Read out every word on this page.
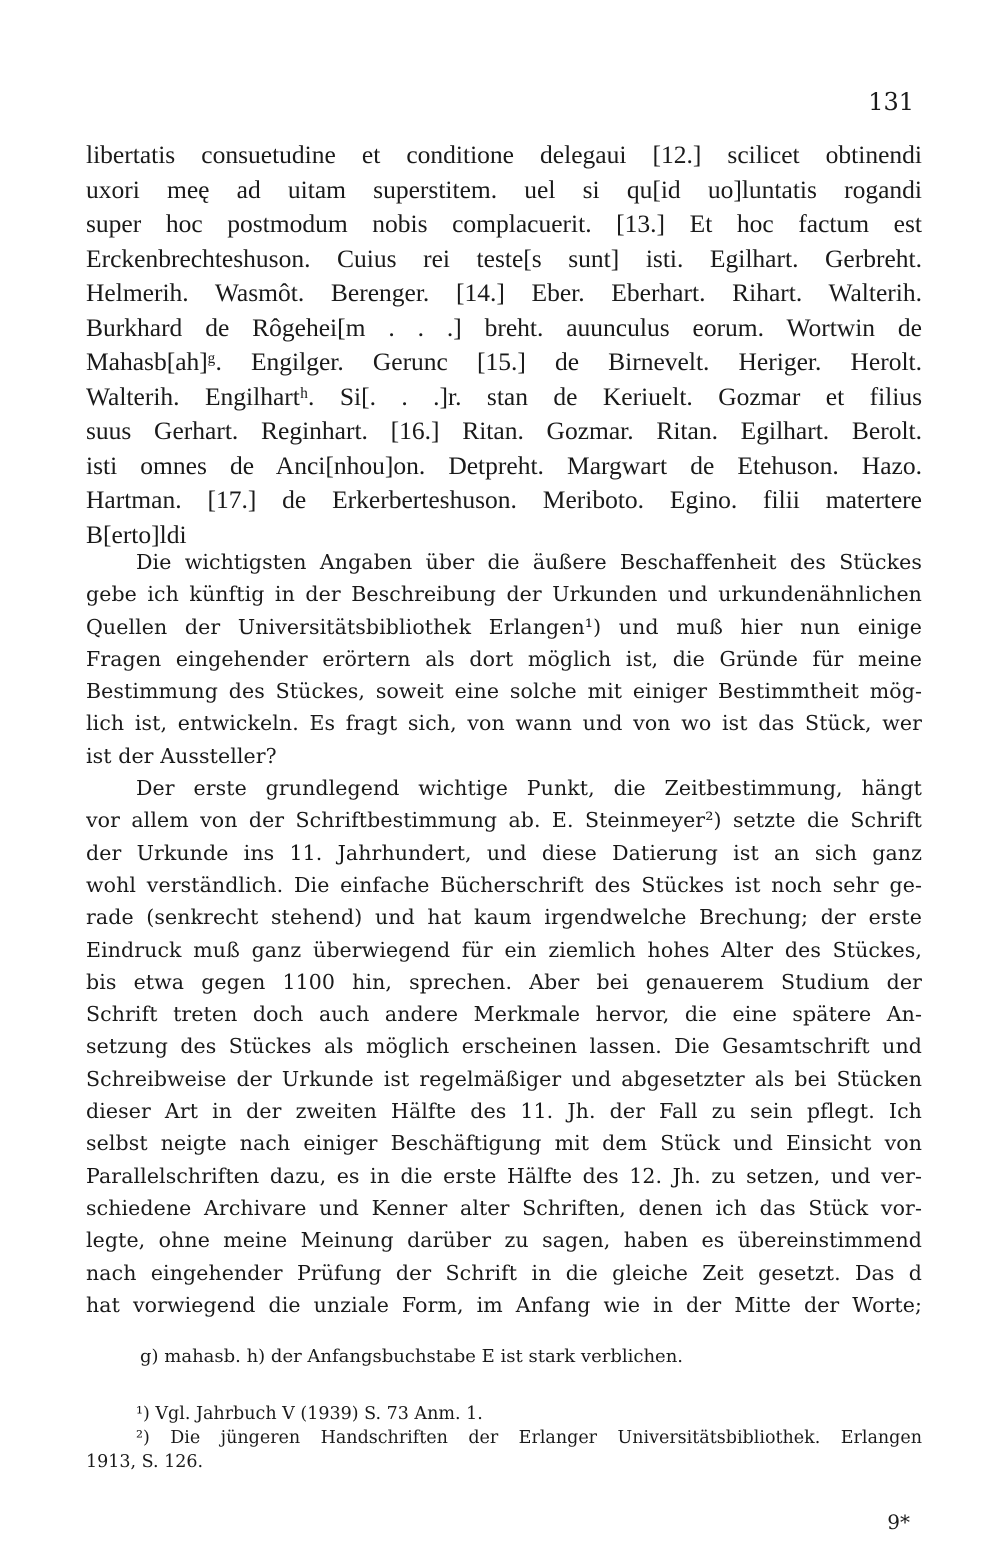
131

libertatis consuetudine et conditione delegaui [12.] scilicet obtinendi
uxori meę ad uitam superstitem. uel si qu[id uo]luntatis rogandi
super hoc postmodum nobis complacuerit. [13.] Et hoc factum est
Erckenbrechteshuson. Cuius rei teste[s sunt] isti. Egilhart. Gerbreht.
Helmerih. Wasmôt. Berenger. [14.] Eber. Eberhart. Rihart. Walterih.
Burkhard de Rôgehei[m . . .] breht. auunculus eorum. Wortwin de
Mahasb[ah]ᵍ. Engilger. Gerunc [15.] de Birnevelt. Heriger. Herolt.
Walterih. Engilhartʰ. Si[. . .]r. stan de Keriuelt. Gozmar et filius
suus Gerhart. Reginhart. [16.] Ritan. Gozmar. Ritan. Egilhart. Berolt.
isti omnes de Anci[nhou]on. Detpreht. Margwart de Etehuson. Hazo.
Hartman. [17.] de Erkerberteshuson. Meriboto. Egino. filii matertere
B[erto]ldi
Die wichtigsten Angaben über die äußere Beschaffenheit des Stückes
gebe ich künftig in der Beschreibung der Urkunden und urkundenähnlichen
Quellen der Universitätsbibliothek Erlangen¹) und muß hier nun einige
Fragen eingehender erörtern als dort möglich ist, die Gründe für meine
Bestimmung des Stückes, soweit eine solche mit einiger Bestimmtheit mög-
lich ist, entwickeln. Es fragt sich, von wann und von wo ist das Stück, wer
ist der Aussteller?
Der erste grundlegend wichtige Punkt, die Zeitbestimmung, hängt
vor allem von der Schriftbestimmung ab. E. Steinmeyer²) setzte die Schrift
der Urkunde ins 11. Jahrhundert, und diese Datierung ist an sich ganz
wohl verständlich. Die einfache Bücherschrift des Stückes ist noch sehr ge-
rade (senkrecht stehend) und hat kaum irgendwelche Brechung; der erste
Eindruck muß ganz überwiegend für ein ziemlich hohes Alter des Stückes,
bis etwa gegen 1100 hin, sprechen. Aber bei genauerem Studium der
Schrift treten doch auch andere Merkmale hervor, die eine spätere An-
setzung des Stückes als möglich erscheinen lassen. Die Gesamtschrift und
Schreibweise der Urkunde ist regelmäßiger und abgesetzter als bei Stücken
dieser Art in der zweiten Hälfte des 11. Jh. der Fall zu sein pflegt. Ich
selbst neigte nach einiger Beschäftigung mit dem Stück und Einsicht von
Parallelschriften dazu, es in die erste Hälfte des 12. Jh. zu setzen, und ver-
schiedene Archivare und Kenner alter Schriften, denen ich das Stück vor-
legte, ohne meine Meinung darüber zu sagen, haben es übereinstimmend
nach eingehender Prüfung der Schrift in die gleiche Zeit gesetzt. Das d
hat vorwiegend die unziale Form, im Anfang wie in der Mitte der Worte;

g) mahasb. h) der Anfangsbuchstabe E ist stark verblichen.

¹) Vgl. Jahrbuch V (1939) S. 73 Anm. 1.
²) Die jüngeren Handschriften der Erlanger Universitätsbibliothek. Erlangen
1913, S. 126.

9*
